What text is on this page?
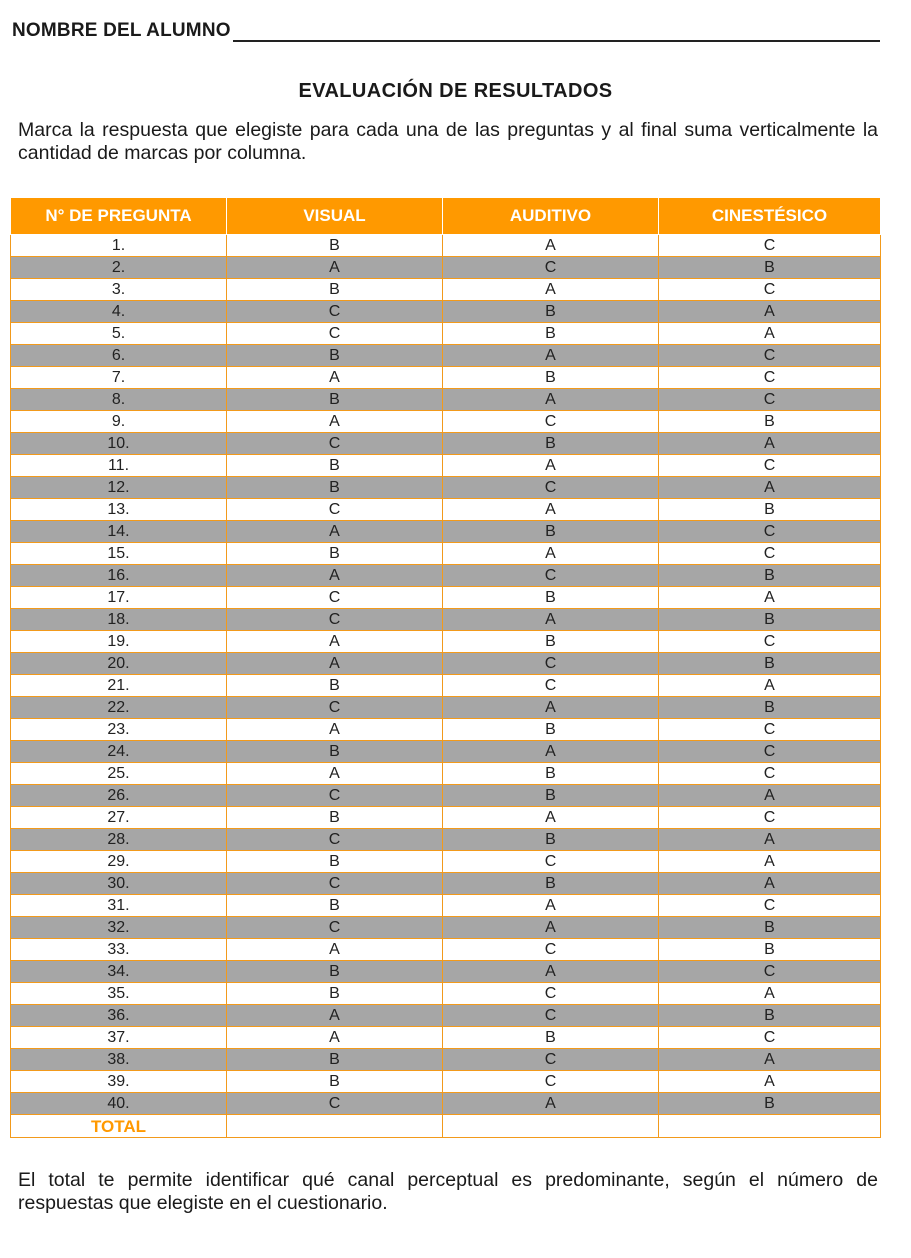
NOMBRE DEL ALUMNO
EVALUACIÓN DE RESULTADOS
Marca la respuesta que elegiste para cada una de las preguntas y al final suma verticalmente la cantidad de marcas por columna.
N° DE PREGUNTA	VISUAL	AUDITIVO	CINESTÉSICO
1.	B	A	C
2.	A	C	B
3.	B	A	C
4.	C	B	A
5.	C	B	A
6.	B	A	C
7.	A	B	C
8.	B	A	C
9.	A	C	B
10.	C	B	A
11.	B	A	C
12.	B	C	A
13.	C	A	B
14.	A	B	C
15.	B	A	C
16.	A	C	B
17.	C	B	A
18.	C	A	B
19.	A	B	C
20.	A	C	B
21.	B	C	A
22.	C	A	B
23.	A	B	C
24.	B	A	C
25.	A	B	C
26.	C	B	A
27.	B	A	C
28.	C	B	A
29.	B	C	A
30.	C	B	A
31.	B	A	C
32.	C	A	B
33.	A	C	B
34.	B	A	C
35.	B	C	A
36.	A	C	B
37.	A	B	C
38.	B	C	A
39.	B	C	A
40.	C	A	B
TOTAL			
El total te permite identificar qué canal perceptual es predominante, según el número de respuestas que elegiste en el cuestionario.
